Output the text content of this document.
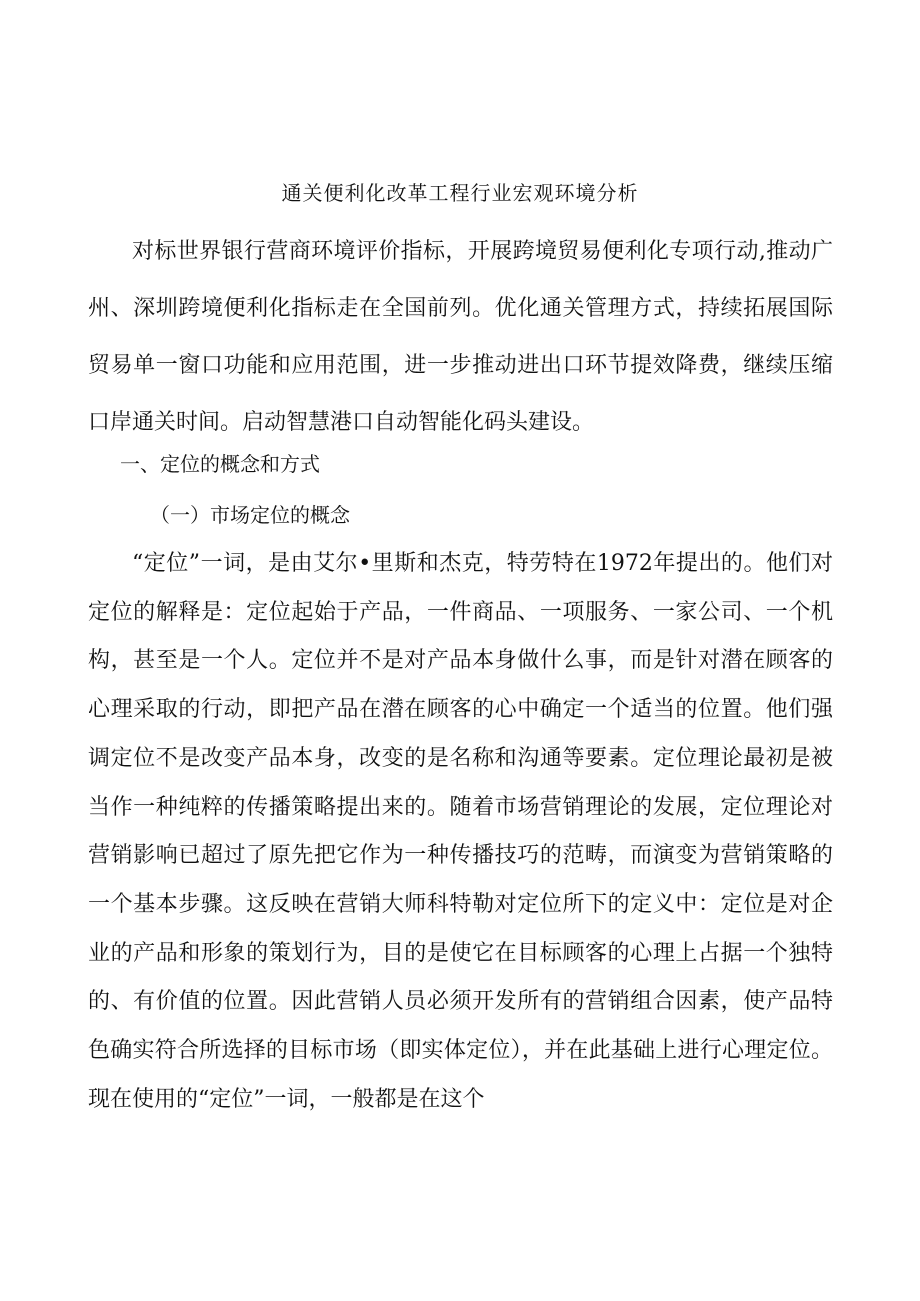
通关便利化改革工程行业宏观环境分析

对标世界银行营商环境评价指标，开展跨境贸易便利化专项行动,推动广州、深圳跨境便利化指标走在全国前列。优化通关管理方式，持续拓展国际贸易单一窗口功能和应用范围，进一步推动进出口环节提效降费，继续压缩口岸通关时间。启动智慧港口自动智能化码头建设。

一、定位的概念和方式
（一）市场定位的概念

“定位”一词，是由艾尔•里斯和杰克，特劳特在1972年提出的。他们对定位的解释是：定位起始于产品，一件商品、一项服务、一家公司、一个机构，甚至是一个人。定位并不是对产品本身做什么事，而是针对潜在顾客的心理采取的行动，即把产品在潜在顾客的心中确定一个适当的位置。他们强调定位不是改变产品本身，改变的是名称和沟通等要素。定位理论最初是被当作一种纯粹的传播策略提出来的。随着市场营销理论的发展，定位理论对营销影响已超过了原先把它作为一种传播技巧的范畴，而演变为营销策略的一个基本步骤。这反映在营销大师科特勒对定位所下的定义中：定位是对企业的产品和形象的策划行为，目的是使它在目标顾客的心理上占据一个独特的、有价值的位置。因此营销人员必须开发所有的营销组合因素，使产品特色确实符合所选择的目标市场（即实体定位），并在此基础上进行心理定位。现在使用的“定位”一词，一般都是在这个
